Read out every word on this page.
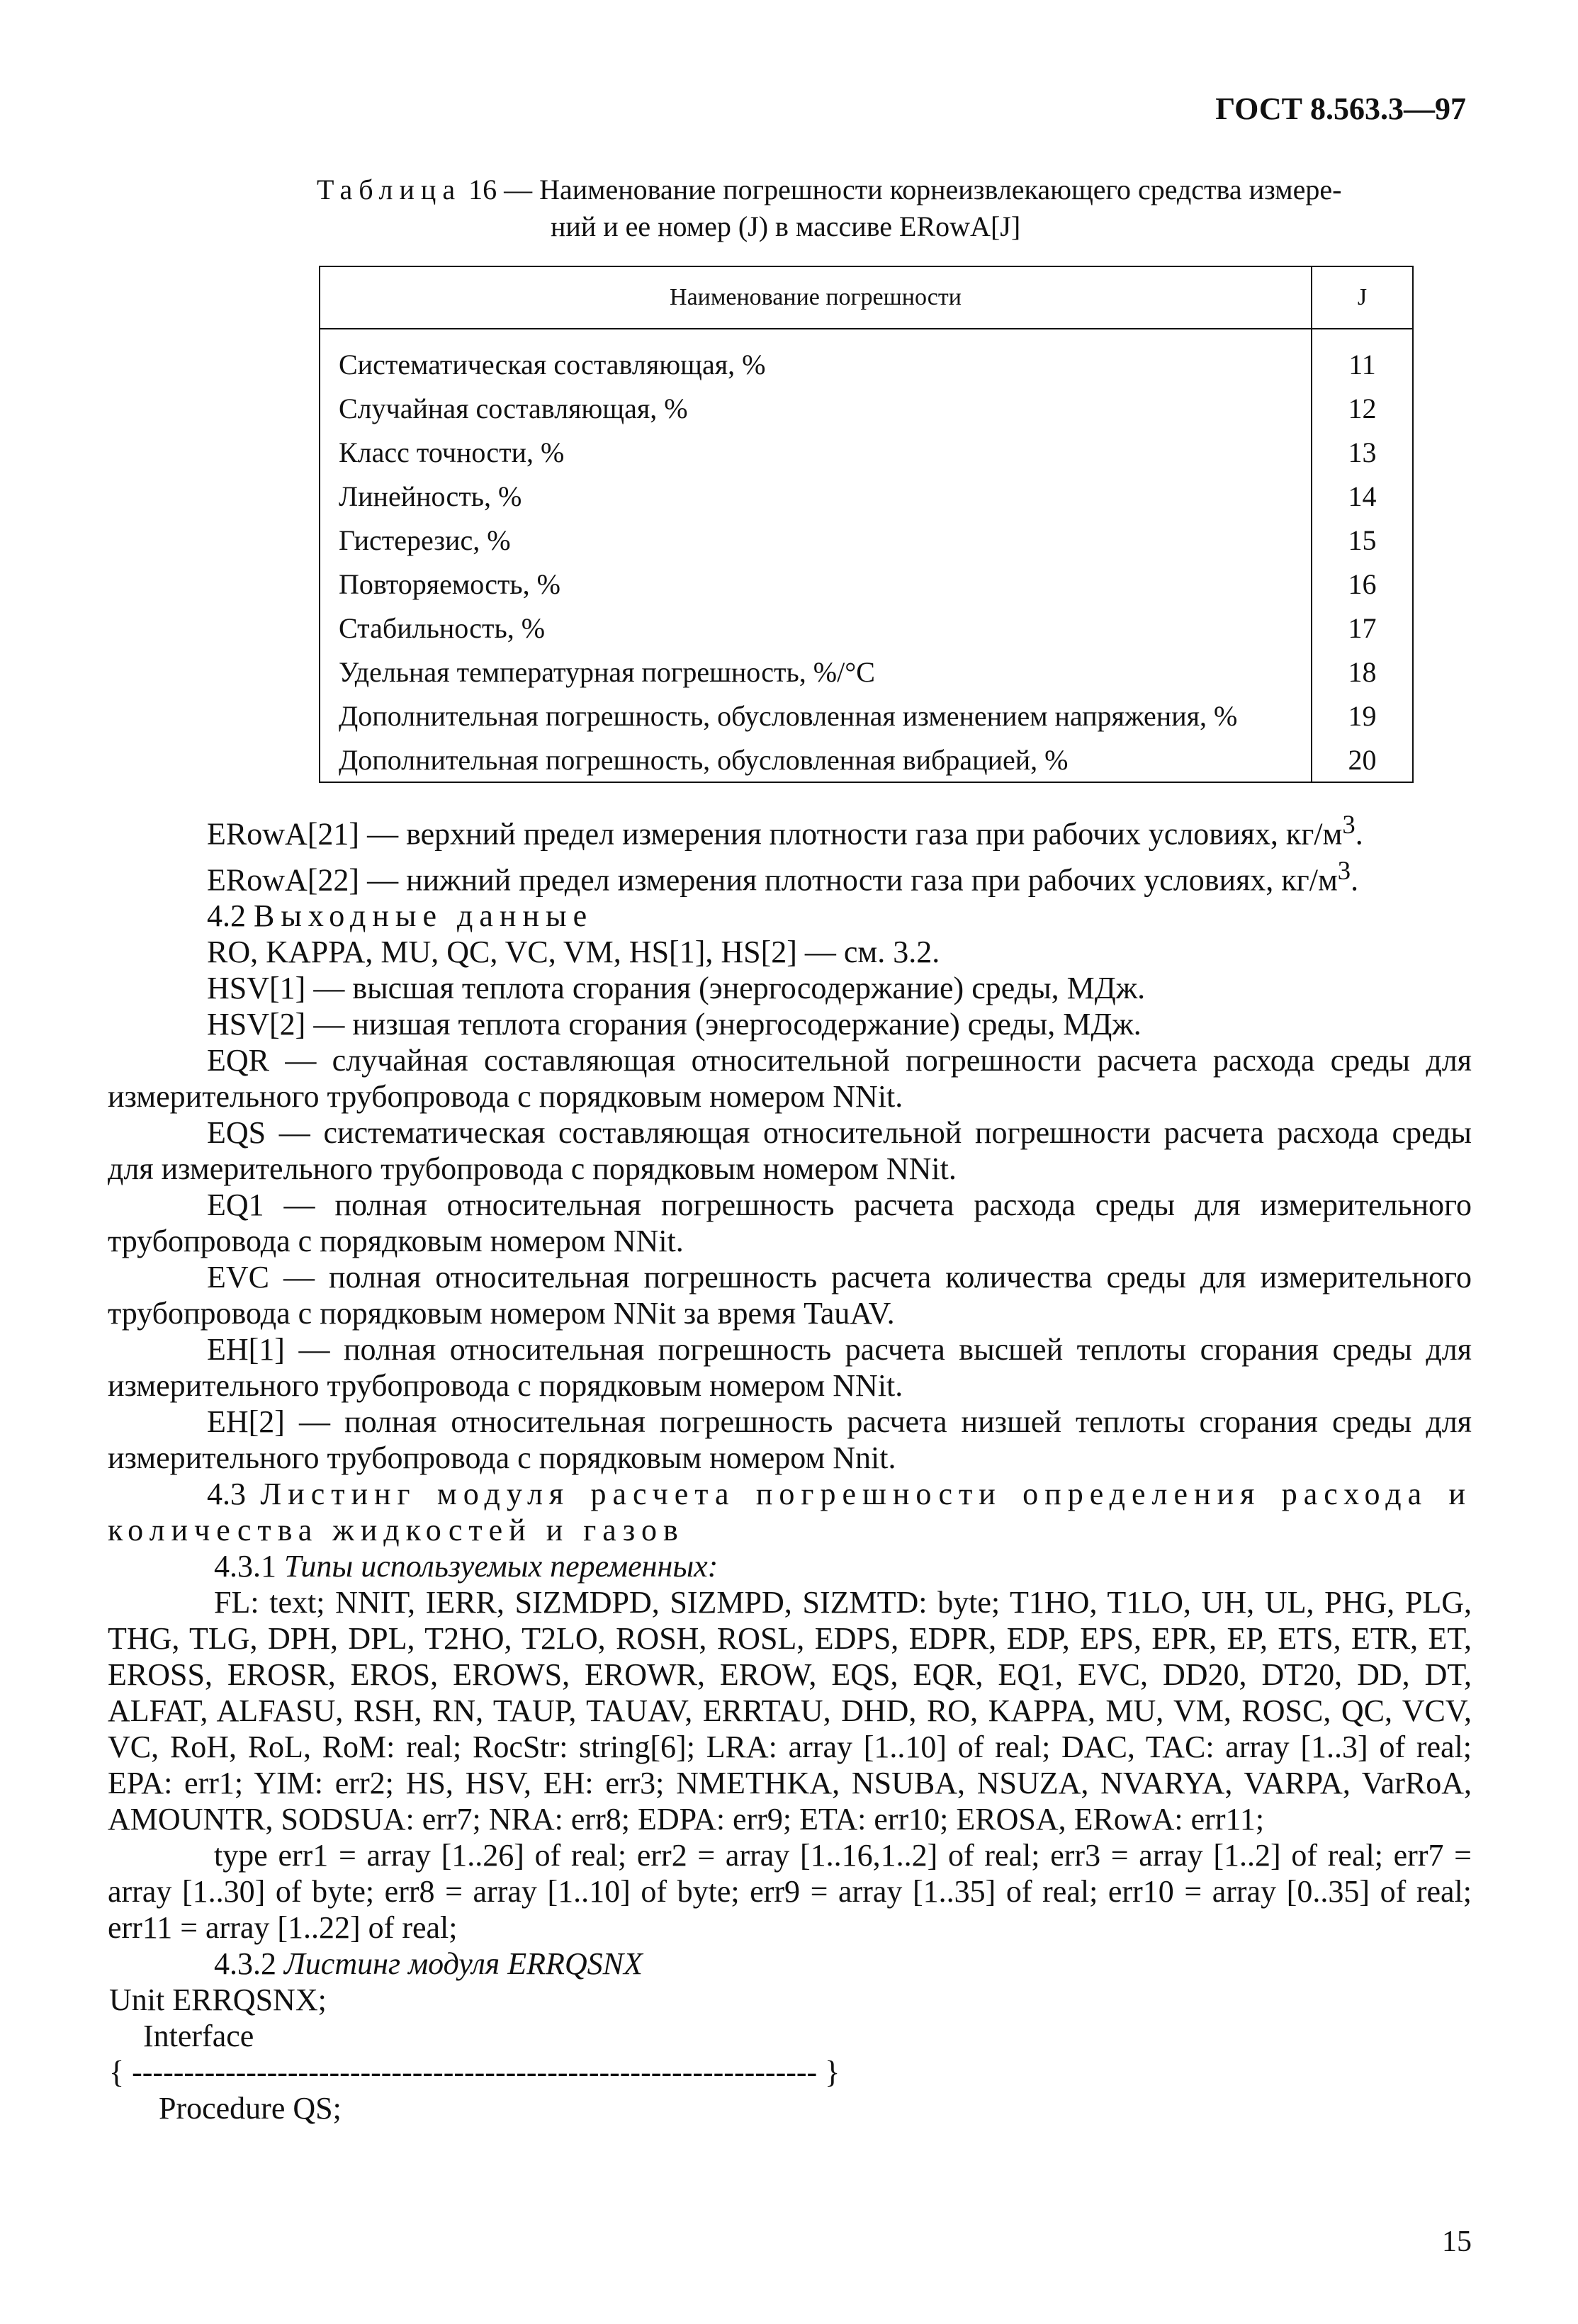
ГОСТ 8.563.3—97
Таблица 16 — Наименование погрешности корнеизвлекающего средства измере-
ний и ее номер (J) в массиве ERowA[J]
Наименование погрешности	J
Систематическая составляющая, %	11
Случайная составляющая, %	12
Класс точности, %	13
Линейность, %	14
Гистерезис, %	15
Повторяемость, %	16
Стабильность, %	17
Удельная температурная погрешность, %/°С	18
Дополнительная погрешность, обусловленная изменением напряжения, %	19
Дополнительная погрешность, обусловленная вибрацией, %	20

ERowA[21] — верхний предел измерения плотности газа при рабочих условиях, $кг/м^3$.

ERowA[22] — нижний предел измерения плотности газа при рабочих условиях, $кг/м^3$.

4.2 Выходные данные

RO, KAPPA, MU, QC, VC, VM, HS[1], HS[2] — см. 3.2.

HSV[1] — высшая теплота сгорания (энергосодержание) среды, МДж.

HSV[2] — низшая теплота сгорания (энергосодержание) среды, МДж.

EQR — случайная составляющая относительной погрешности расчета расхода среды для измерительного трубопровода с порядковым номером NNit.

EQS — систематическая составляющая относительной погрешности расчета расхода среды для измерительного трубопровода с порядковым номером NNit.

EQ1 — полная относительная погрешность расчета расхода среды для измерительного трубопровода с порядковым номером NNit.

EVC — полная относительная погрешность расчета количества среды для измерительного трубопровода с порядковым номером NNit за время TauAV.

EH[1] — полная относительная погрешность расчета высшей теплоты сгорания среды для измерительного трубопровода с порядковым номером NNit.

EH[2] — полная относительная погрешность расчета низшей теплоты сгорания среды для измерительного трубопровода с порядковым номером Nnit.

4.3 Листинг модуля расчета погрешности определения расхода и количества жидкостей и газов

4.3.1 Типы используемых переменных:

FL: text; NNIT, IERR, SIZMDPD, SIZMPD, SIZMTD: byte; T1HO, T1LO, UH, UL, PHG, PLG, THG, TLG, DPH, DPL, T2HO, T2LO, ROSH, ROSL, EDPS, EDPR, EDP, EPS, EPR, EP, ETS, ETR, ET, EROSS, EROSR, EROS, EROWS, EROWR, EROW, EQS, EQR, EQ1, EVC, DD20, DT20, DD, DT, ALFAT, ALFASU, RSH, RN, TAUP, TAUAV, ERRTAU, DHD, RO, KAPPA, MU, VM, ROSC, QC, VCV, VC, RoH, RoL, RoM: real; RocStr: string[6]; LRA: array [1..10] of real; DAC, TAC: array [1..3] of real; EPA: err1; YIM: err2; HS, HSV, EH: err3; NMETHKA, NSUBA, NSUZA, NVARYA, VARPA, VarRoA, AMOUNTR, SODSUA: err7; NRA: err8; EDPA: err9; ETA: err10; EROSA, ERowA: err11;

type err1 = array [1..26] of real; err2 = array [1..16,1..2] of real; err3 = array [1..2] of real; err7 = array [1..30] of byte; err8 = array [1..10] of byte; err9 = array [1..35] of real; err10 = array [0..35] of real; err11 = array [1..22] of real;

4.3.2 Листинг модуля ERRQSNX

Unit ERRQSNX;

Interface

{ ------------------------------------------------------------------ }

Procedure QS;

15
